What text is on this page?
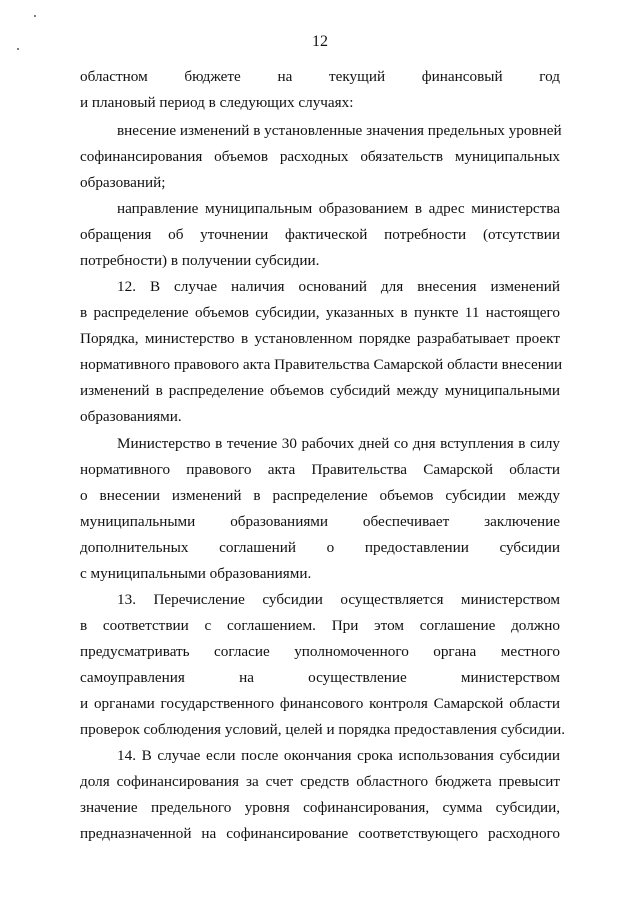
12
областном бюджете на текущий финансовый год
и плановый период в следующих случаях:
внесение изменений в установленные значения предельных уровней
софинансирования объемов расходных обязательств муниципальных
образований;
направление муниципальным образованием в адрес министерства
обращения об уточнении фактической потребности (отсутствии
потребности) в получении субсидии.
12. В случае наличия оснований для внесения изменений
в распределение объемов субсидии, указанных в пункте 11 настоящего
Порядка, министерство в установленном порядке разрабатывает проект
нормативного правового акта Правительства Самарской области внесении
изменений в распределение объемов субсидий между муниципальными
образованиями.
Министерство в течение 30 рабочих дней со дня вступления в силу
нормативного правового акта Правительства Самарской области
о внесении изменений в распределение объемов субсидии между
муниципальными образованиями обеспечивает заключение
дополнительных соглашений о предоставлении субсидии
с муниципальными образованиями.
13. Перечисление субсидии осуществляется министерством
в соответствии с соглашением. При этом соглашение должно
предусматривать согласие уполномоченного органа местного
самоуправления на осуществление министерством
и органами государственного финансового контроля Самарской области
проверок соблюдения условий, целей и порядка предоставления субсидии.
14. В случае если после окончания срока использования субсидии
доля софинансирования за счет средств областного бюджета превысит
значение предельного уровня софинансирования, сумма субсидии,
предназначенной на софинансирование соответствующего расходного
